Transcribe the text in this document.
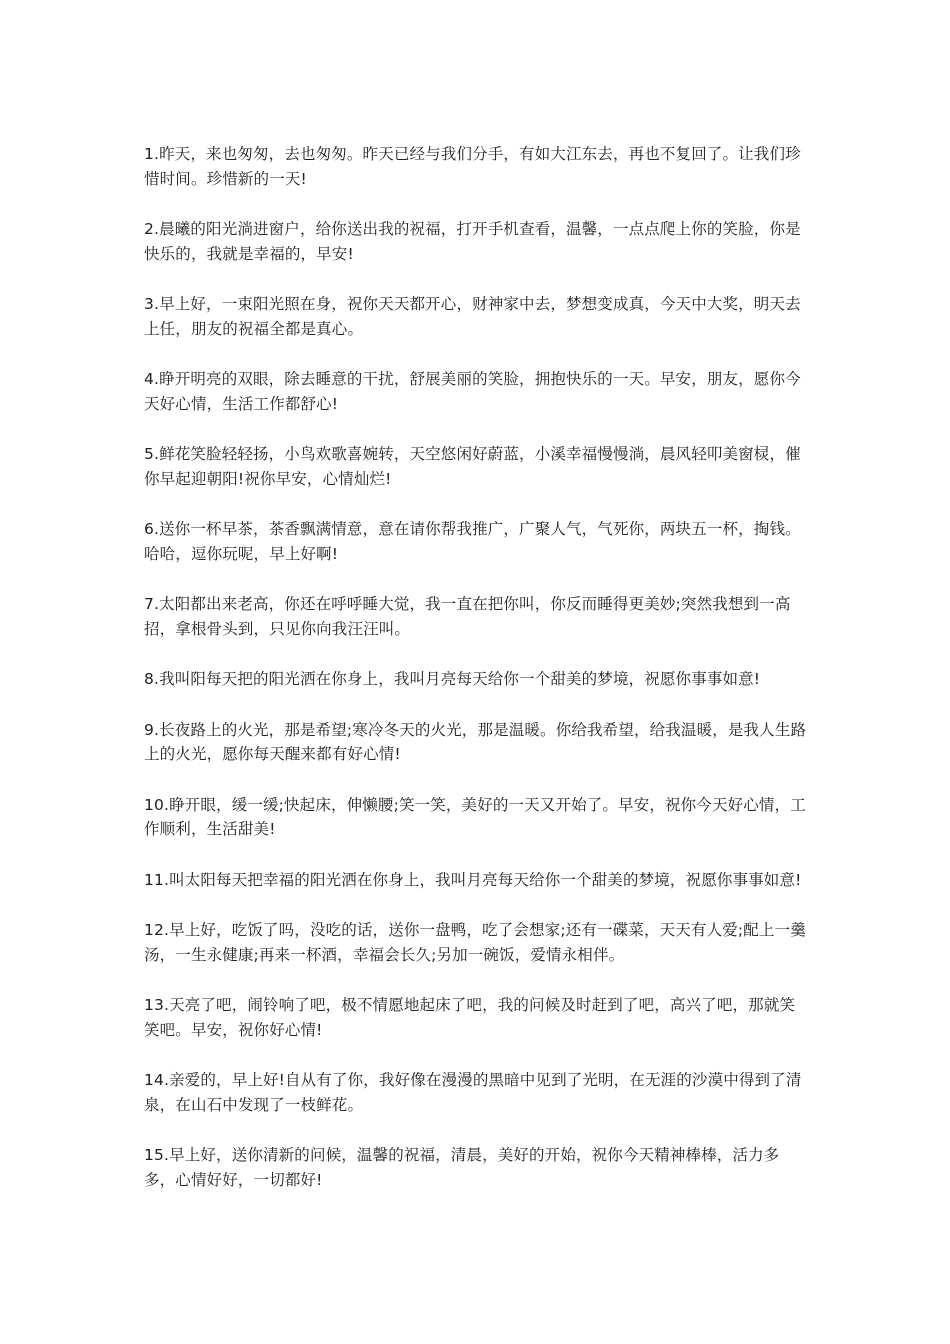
1.昨天，来也匆匆，去也匆匆。昨天已经与我们分手，有如大江东去，再也不复回了。让我们珍惜时间。珍惜新的一天!

2.晨曦的阳光淌进窗户，给你送出我的祝福，打开手机查看，温馨，一点点爬上你的笑脸，你是快乐的，我就是幸福的，早安!

3.早上好，一束阳光照在身，祝你天天都开心，财神家中去，梦想变成真，今天中大奖，明天去上任，朋友的祝福全都是真心。

4.睁开明亮的双眼，除去睡意的干扰，舒展美丽的笑脸，拥抱快乐的一天。早安，朋友，愿你今天好心情，生活工作都舒心!

5.鲜花笑脸轻轻扬，小鸟欢歌喜婉转，天空悠闲好蔚蓝，小溪幸福慢慢淌，晨风轻叩美窗棂，催你早起迎朝阳!祝你早安，心情灿烂!

6.送你一杯早茶，茶香飘满情意，意在请你帮我推广，广聚人气，气死你，两块五一杯，掏钱。哈哈，逗你玩呢，早上好啊!

7.太阳都出来老高，你还在呼呼睡大觉，我一直在把你叫，你反而睡得更美妙;突然我想到一高招，拿根骨头到，只见你向我汪汪叫。

8.我叫阳每天把的阳光洒在你身上，我叫月亮每天给你一个甜美的梦境，祝愿你事事如意!

9.长夜路上的火光，那是希望;寒冷冬天的火光，那是温暖。你给我希望，给我温暖，是我人生路上的火光，愿你每天醒来都有好心情!

10.睁开眼，缓一缓;快起床，伸懒腰;笑一笑，美好的一天又开始了。早安，祝你今天好心情，工作顺利，生活甜美!

11.叫太阳每天把幸福的阳光洒在你身上，我叫月亮每天给你一个甜美的梦境，祝愿你事事如意!

12.早上好，吃饭了吗，没吃的话，送你一盘鸭，吃了会想家;还有一碟菜，天天有人爱;配上一羹汤，一生永健康;再来一杯酒，幸福会长久;另加一碗饭，爱情永相伴。

13.天亮了吧，闹铃响了吧，极不情愿地起床了吧，我的问候及时赶到了吧，高兴了吧，那就笑笑吧。早安，祝你好心情!

14.亲爱的，早上好!自从有了你，我好像在漫漫的黑暗中见到了光明，在无涯的沙漠中得到了清泉，在山石中发现了一枝鲜花。

15.早上好，送你清新的问候，温馨的祝福，清晨，美好的开始，祝你今天精神棒棒，活力多多，心情好好，一切都好!
